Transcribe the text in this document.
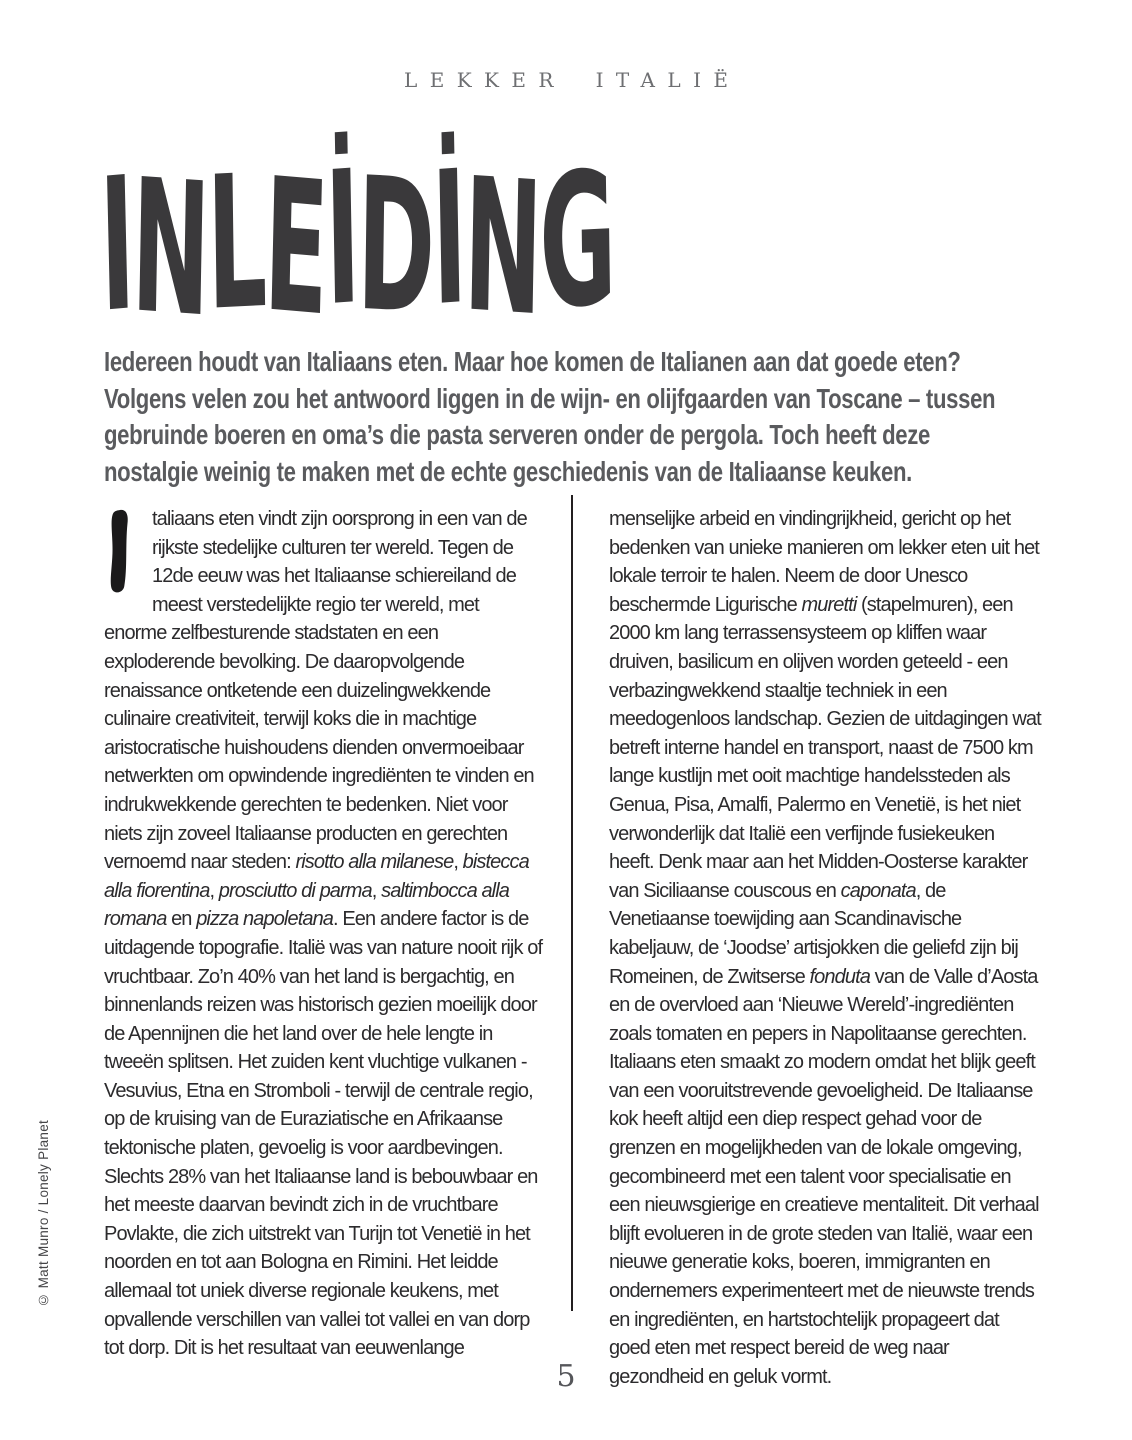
LEKKER ITALIË
INLEİDİNG
Iedereen houdt van Italiaans eten. Maar hoe komen de Italianen aan dat goede eten?
Volgens velen zou het antwoord liggen in de wijn- en olijfgaarden van Toscane – tussen
gebruinde boeren en oma’s die pasta serveren onder de pergola. Toch heeft deze
nostalgie weinig te maken met de echte geschiedenis van de Italiaanse keuken.
taliaans eten vindt zijn oorsprong in een van de rijkste stedelijke culturen ter wereld. Tegen de 12de eeuw was het Italiaanse schiereiland de meest verstedelijkte regio ter wereld, met enorme zelfbesturende stadstaten en een exploderende bevolking. De daaropvolgende renaissance ontketende een duizelingwekkende culinaire creativiteit, terwijl koks die in machtige aristocratische huishoudens dienden onvermoeibaar netwerkten om opwindende ingrediënten te vinden en indrukwekkende gerechten te bedenken. Niet voor niets zijn zoveel Italiaanse producten en gerechten vernoemd naar steden: risotto alla milanese, bistecca alla fiorentina, prosciutto di parma, saltimbocca alla romana en pizza napoletana. Een andere factor is de uitdagende topografie. Italië was van nature nooit rijk of vruchtbaar. Zo’n 40% van het land is bergachtig, en binnenlands reizen was historisch gezien moeilijk door de Apennijnen die het land over de hele lengte in tweeën splitsen. Het zuiden kent vluchtige vulkanen - Vesuvius, Etna en Stromboli - terwijl de centrale regio, op de kruising van de Euraziatische en Afrikaanse tektonische platen, gevoelig is voor aardbevingen. Slechts 28% van het Italiaanse land is bebouwbaar en het meeste daarvan bevindt zich in de vruchtbare Povlakte, die zich uitstrekt van Turijn tot Venetië in het noorden en tot aan Bologna en Rimini. Het leidde allemaal tot uniek diverse regionale keukens, met opvallende verschillen van vallei tot vallei en van dorp tot dorp. Dit is het resultaat van eeuwenlange
menselijke arbeid en vindingrijkheid, gericht op het bedenken van unieke manieren om lekker eten uit het lokale terroir te halen. Neem de door Unesco beschermde Ligurische muretti (stapelmuren), een 2000 km lang terrassensysteem op kliffen waar druiven, basilicum en olijven worden geteeld - een verbazingwekkend staaltje techniek in een meedogenloos landschap. Gezien de uitdagingen wat betreft interne handel en transport, naast de 7500 km lange kustlijn met ooit machtige handelssteden als Genua, Pisa, Amalfi, Palermo en Venetië, is het niet verwonderlijk dat Italië een verfijnde fusiekeuken heeft. Denk maar aan het Midden-Oosterse karakter van Siciliaanse couscous en caponata, de Venetiaanse toewijding aan Scandinavische kabeljauw, de ‘Joodse’ artisjokken die geliefd zijn bij Romeinen, de Zwitserse fonduta van de Valle d’Aosta en de overvloed aan ‘Nieuwe Wereld’-ingrediënten zoals tomaten en pepers in Napolitaanse gerechten. Italiaans eten smaakt zo modern omdat het blijk geeft van een vooruitstrevende gevoeligheid. De Italiaanse kok heeft altijd een diep respect gehad voor de grenzen en mogelijkheden van de lokale omgeving, gecombineerd met een talent voor specialisatie en een nieuwsgierige en creatieve mentaliteit. Dit verhaal blijft evolueren in de grote steden van Italië, waar een nieuwe generatie koks, boeren, immigranten en ondernemers experimenteert met de nieuwste trends en ingrediënten, en hartstochtelijk propageert dat goed eten met respect bereid de weg naar gezondheid en geluk vormt.
© Matt Munro / Lonely Planet
5
